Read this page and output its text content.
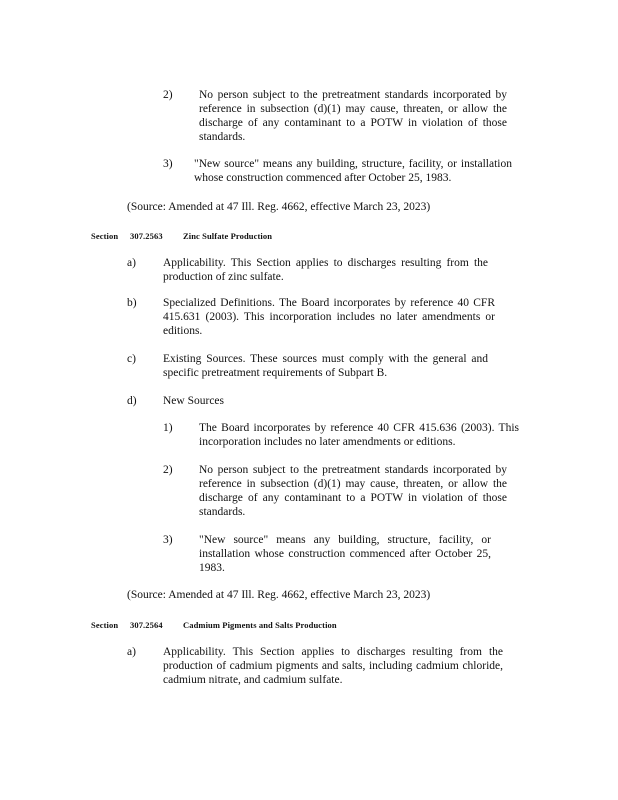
2) No person subject to the pretreatment standards incorporated by reference in subsection (d)(1) may cause, threaten, or allow the discharge of any contaminant to a POTW in violation of those standards.
3) "New source" means any building, structure, facility, or installation whose construction commenced after October 25, 1983.
(Source: Amended at 47 Ill. Reg. 4662, effective March 23, 2023)
Section 307.2563 Zinc Sulfate Production
a) Applicability. This Section applies to discharges resulting from the production of zinc sulfate.
b) Specialized Definitions. The Board incorporates by reference 40 CFR 415.631 (2003). This incorporation includes no later amendments or editions.
c) Existing Sources. These sources must comply with the general and specific pretreatment requirements of Subpart B.
d) New Sources
1) The Board incorporates by reference 40 CFR 415.636 (2003). This incorporation includes no later amendments or editions.
2) No person subject to the pretreatment standards incorporated by reference in subsection (d)(1) may cause, threaten, or allow the discharge of any contaminant to a POTW in violation of those standards.
3) "New source" means any building, structure, facility, or installation whose construction commenced after October 25, 1983.
(Source: Amended at 47 Ill. Reg. 4662, effective March 23, 2023)
Section 307.2564 Cadmium Pigments and Salts Production
a) Applicability. This Section applies to discharges resulting from the production of cadmium pigments and salts, including cadmium chloride, cadmium nitrate, and cadmium sulfate.
